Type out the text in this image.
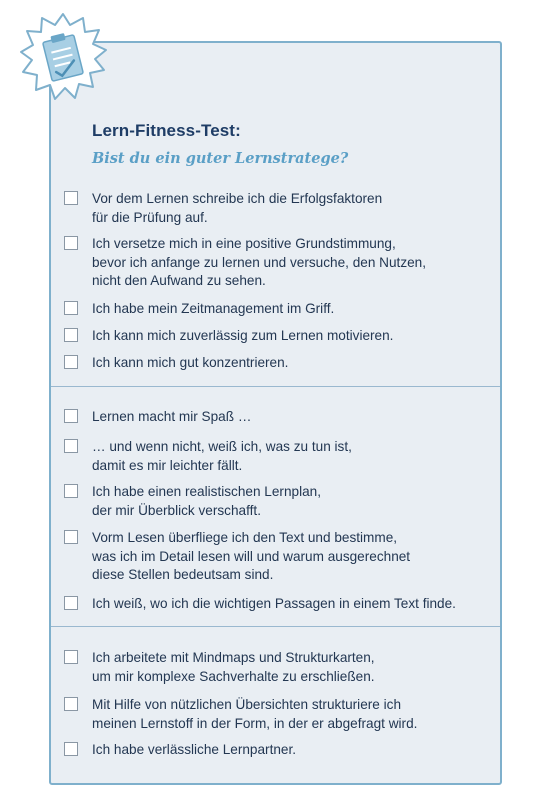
Lern-Fitness-Test:
Bist du ein guter Lernstratege?

Vor dem Lernen schreibe ich die Erfolgsfaktoren
für die Prüfung auf.

Ich versetze mich in eine positive Grundstimmung,
bevor ich anfange zu lernen und versuche, den Nutzen,
nicht den Aufwand zu sehen.

Ich habe mein Zeitmanagement im Griff.

Ich kann mich zuverlässig zum Lernen motivieren.

Ich kann mich gut konzentrieren.

Lernen macht mir Spaß …

… und wenn nicht, weiß ich, was zu tun ist,
damit es mir leichter fällt.

Ich habe einen realistischen Lernplan,
der mir Überblick verschafft.

Vorm Lesen überfliege ich den Text und bestimme,
was ich im Detail lesen will und warum ausgerechnet
diese Stellen bedeutsam sind.

Ich weiß, wo ich die wichtigen Passagen in einem Text finde.

Ich arbeitete mit Mindmaps und Strukturkarten,
um mir komplexe Sachverhalte zu erschließen.

Mit Hilfe von nützlichen Übersichten strukturiere ich
meinen Lernstoff in der Form, in der er abgefragt wird.

Ich habe verlässliche Lernpartner.
